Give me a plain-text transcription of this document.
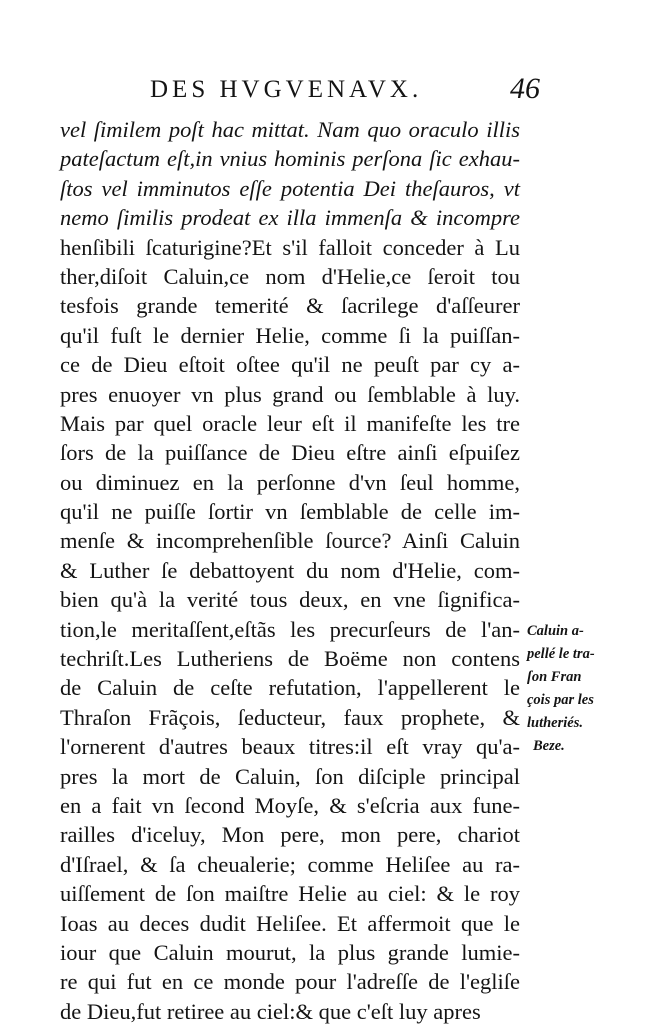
DES HVGVENAVX.	46
vel ſimilem poſt hac mittat. Nam quo oraculo illis
pateſactum eſt,in vnius hominis perſona ſic exhau-
ſtos vel imminutos eſſe potentia Dei theſauros, vt
nemo ſimilis prodeat ex illa immenſa & incompre
henſibili ſcaturigine?Et s'il falloit conceder à Lu
ther,diſoit Caluin,ce nom d'Helie,ce ſeroit tou
tesfois grande temerité & ſacrilege d'aſſeurer
qu'il fuſt le dernier Helie, comme ſi la puiſſan-
ce de Dieu eſtoit oſtee qu'il ne peuſt par cy a-
pres enuoyer vn plus grand ou ſemblable à luy.
Mais par quel oracle leur eſt il manifeſte les tre
ſors de la puiſſance de Dieu eſtre ainſi eſpuiſez
ou diminuez en la perſonne d'vn ſeul homme,
qu'il ne puiſſe ſortir vn ſemblable de celle im-
menſe & incomprehenſible ſource? Ainſi Caluin
& Luther ſe debattoyent du nom d'Helie, com-
bien qu'à la verité tous deux, en vne ſignifica-
tion,le meritaſſent,eſtãs les precurſeurs de l'an-
techriſt.Les Lutheriens de Boëme non contens
de Caluin de ceſte refutation, l'appellerent le
Thraſon Frãçois, ſeducteur, faux prophete, &
l'ornerent d'autres beaux titres:il eſt vray qu'a-
pres la mort de Caluin, ſon diſciple principal
en a fait vn ſecond Moyſe, & s'eſcria aux fune-
railles d'iceluy, Mon pere, mon pere, chariot
d'Iſrael, & ſa cheualerie; comme Heliſee au ra-
uiſſement de ſon maiſtre Helie au ciel: & le roy
Ioas au deces dudit Heliſee. Et affermoit que le
iour que Caluin mourut, la plus grande lumie-
re qui fut en ce monde pour l'adreſſe de l'egliſe
de Dieu,fut retiree au ciel:& que c'eſt luy apres
Caluin a-
pellé le tra-
ſon Fran
çois par les
lutheriés.
Beze.
